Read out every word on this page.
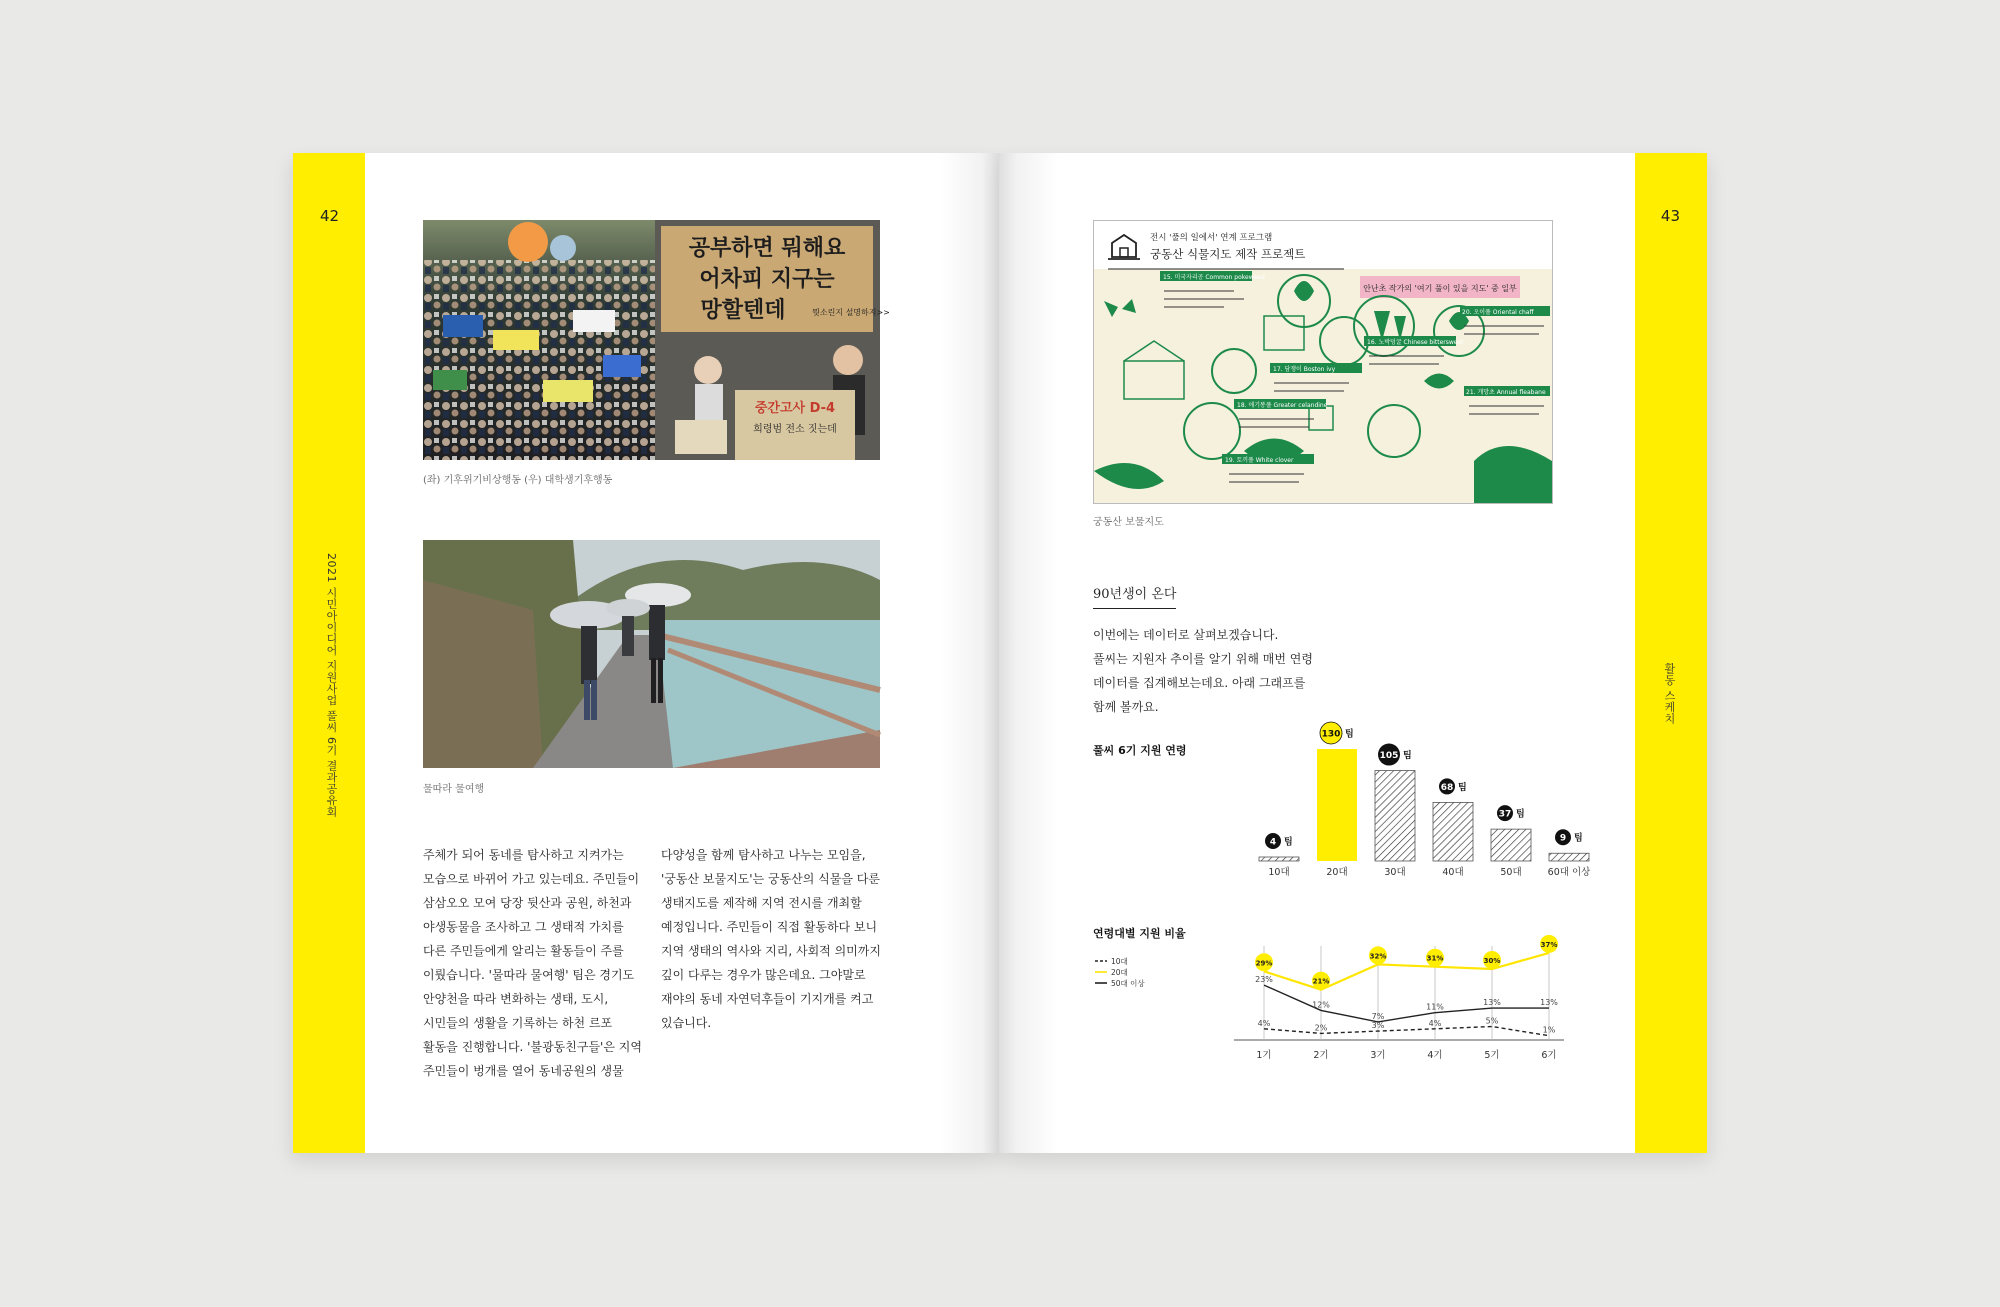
42
2021 시민아이디어 지원사업 풀씨 6기 결과공유회
공부하면 뭐해요
어차피 지구는
망할텐데	뭣소린지 설명하지>>
중간고사 D-4
희령범 전소 짓는데
(좌) 기후위기비상행동 (우) 대학생기후행동
물따라 물여행

주체가 되어 동네를 탐사하고 지켜가는

모습으로 바뀌어 가고 있는데요. 주민들이

삼삼오오 모여 당장 뒷산과 공원, 하천과

야생동물을 조사하고 그 생태적 가치를

다른 주민들에게 알리는 활동들이 주를

이뤘습니다. '물따라 물여행' 팀은 경기도

안양천을 따라 변화하는 생태, 도시,

시민들의 생활을 기록하는 하천 르포

활동을 진행합니다. '불광동친구들'은 지역

주민들이 벙개를 열어 동네공원의 생물

다양성을 함께 탐사하고 나누는 모임을,

'궁동산 보물지도'는 궁동산의 식물을 다룬

생태지도를 제작해 지역 전시를 개최할

예정입니다. 주민들이 직접 활동하다 보니

지역 생태의 역사와 지리, 사회적 의미까지

깊이 다루는 경우가 많은데요. 그야말로

재야의 동네 자연덕후들이 기지개를 켜고

있습니다.

43
활동 스케치
전시 '풀의 일에서' 연계 프로그램
궁동산 식물지도 제작 프로젝트
안난초 작가의 '여기 풀이 있을 지도' 중 일부
15. 미국자리공 Common pokeweed
16. 노박덩굴 Chinese bittersweet
17. 담쟁이 Boston ivy
18. 애기똥풀 Greater celandine
19. 토끼풀 White clover
20. 오이풀 Oriental chaff
21. 개망초 Annual fleabane
궁동산 보물지도
90년생이 온다

이번에는 데이터로 살펴보겠습니다.

풀씨는 지원자 추이를 알기 위해 매번 연령

데이터를 집계해보는데요. 아래 그래프를

함께 볼까요.

풀씨 6기 지원 연령
4 팀
10대
130 팀
20대
105 팀
30대
68 팀
40대
37 팀
50대
9 팀
60대 이상
연령대별 지원 비율
10대
20대
50대 이상
1기	2기	3기	4기	5기	6기
4%
2%	3%	4%	5%
1%
29%
21%
32%	31%	30%
37%
23%
12%
7%
11%
13%	13%
